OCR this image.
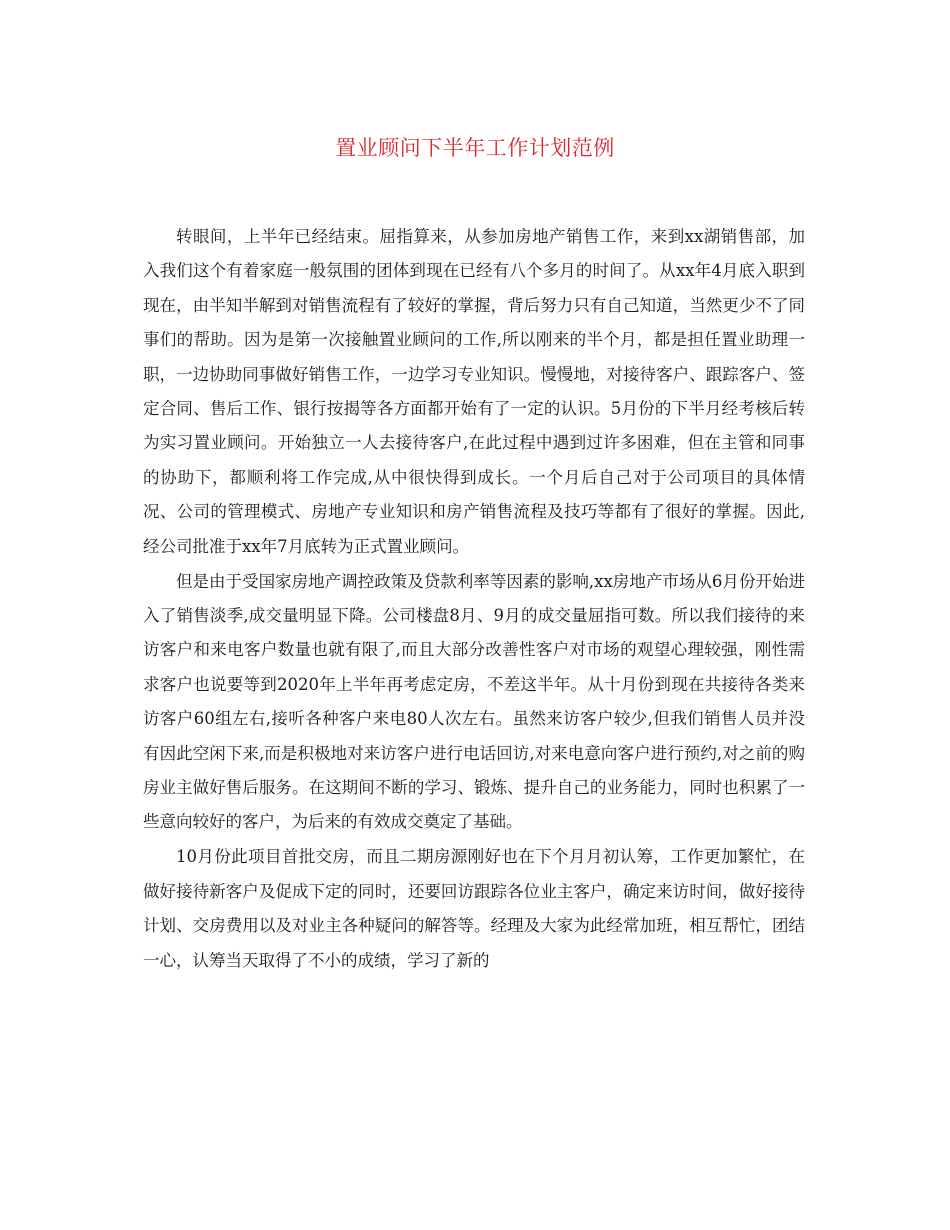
置业顾问下半年工作计划范例

转眼间，上半年已经结束。屈指算来，从参加房地产销售工作，来到xx湖销售部，加入我们这个有着家庭一般氛围的团体到现在已经有八个多月的时间了。从xx年4月底入职到现在，由半知半解到对销售流程有了较好的掌握，背后努力只有自己知道，当然更少不了同事们的帮助。因为是第一次接触置业顾问的工作,所以刚来的半个月，都是担任置业助理一职，一边协助同事做好销售工作，一边学习专业知识。慢慢地，对接待客户、跟踪客户、签定合同、售后工作、银行按揭等各方面都开始有了一定的认识。5月份的下半月经考核后转为实习置业顾问。开始独立一人去接待客户,在此过程中遇到过许多困难，但在主管和同事的协助下，都顺利将工作完成,从中很快得到成长。一个月后自己对于公司项目的具体情况、公司的管理模式、房地产专业知识和房产销售流程及技巧等都有了很好的掌握。因此,经公司批准于xx年7月底转为正式置业顾问。

但是由于受国家房地产调控政策及贷款利率等因素的影响,xx房地产市场从6月份开始进入了销售淡季,成交量明显下降。公司楼盘8月、9月的成交量屈指可数。所以我们接待的来访客户和来电客户数量也就有限了,而且大部分改善性客户对市场的观望心理较强，刚性需求客户也说要等到2020年上半年再考虑定房，不差这半年。从十月份到现在共接待各类来访客户60组左右,接听各种客户来电80人次左右。虽然来访客户较少,但我们销售人员并没有因此空闲下来,而是积极地对来访客户进行电话回访,对来电意向客户进行预约,对之前的购房业主做好售后服务。在这期间不断的学习、锻炼、提升自己的业务能力，同时也积累了一些意向较好的客户，为后来的有效成交奠定了基础。

10月份此项目首批交房，而且二期房源刚好也在下个月月初认筹，工作更加繁忙，在做好接待新客户及促成下定的同时，还要回访跟踪各位业主客户，确定来访时间，做好接待计划、交房费用以及对业主各种疑问的解答等。经理及大家为此经常加班，相互帮忙，团结一心，认筹当天取得了不小的成绩，学习了新的
